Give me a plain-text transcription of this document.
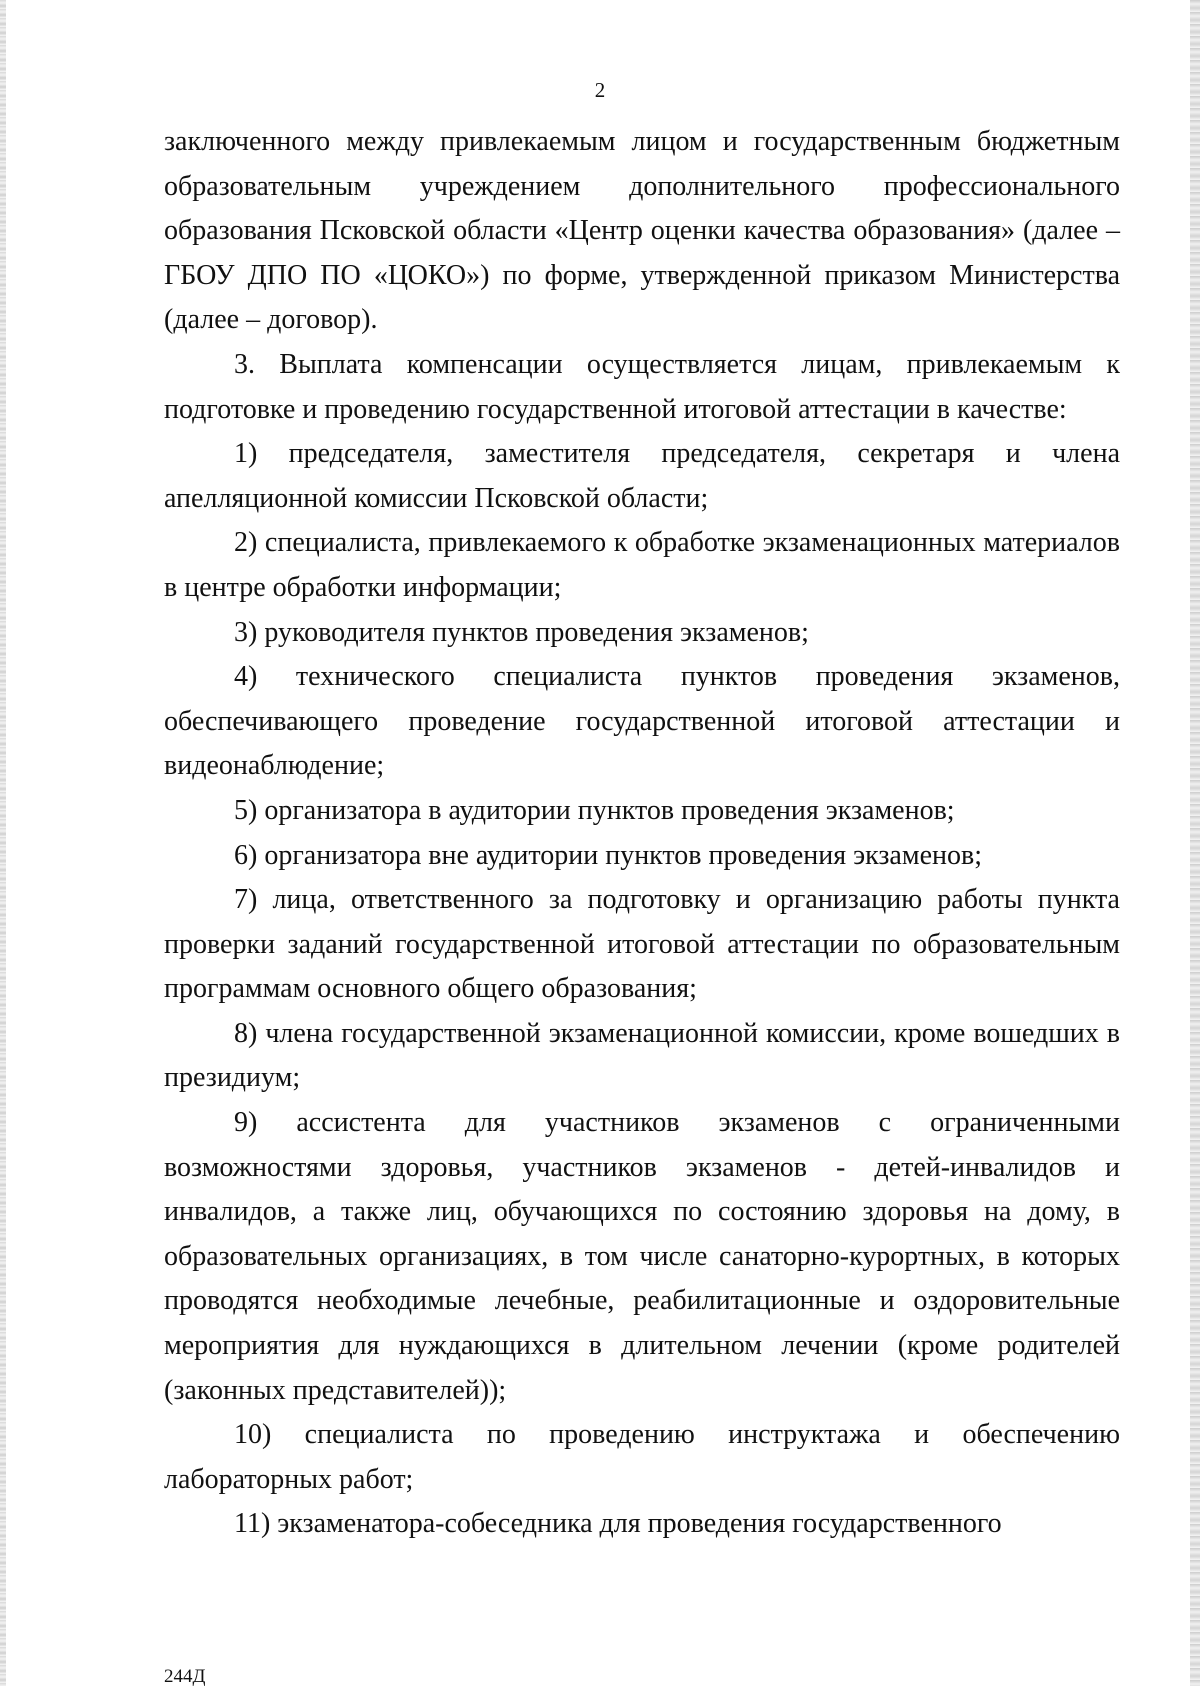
2

заключенного между привлекаемым лицом и государственным бюджетным образовательным учреждением дополнительного профессионального образования Псковской области «Центр оценки качества образования» (далее – ГБОУ ДПО ПО «ЦОКО») по форме, утвержденной приказом Министерства (далее – договор).

3. Выплата компенсации осуществляется лицам, привлекаемым к подготовке и проведению государственной итоговой аттестации в качестве:

1) председателя, заместителя председателя, секретаря и члена апелляционной комиссии Псковской области;

2) специалиста, привлекаемого к обработке экзаменационных материалов в центре обработки информации;

3) руководителя пунктов проведения экзаменов;

4) технического специалиста пунктов проведения экзаменов, обеспечивающего проведение государственной итоговой аттестации и видеонаблюдение;

5) организатора в аудитории пунктов проведения экзаменов;

6) организатора вне аудитории пунктов проведения экзаменов;

7) лица, ответственного за подготовку и организацию работы пункта проверки заданий государственной итоговой аттестации по образовательным программам основного общего образования;

8) члена государственной экзаменационной комиссии, кроме вошедших в президиум;

9) ассистента для участников экзаменов с ограниченными возможностями здоровья, участников экзаменов - детей-инвалидов и инвалидов, а также лиц, обучающихся по состоянию здоровья на дому, в образовательных организациях, в том числе санаторно-курортных, в которых проводятся необходимые лечебные, реабилитационные и оздоровительные мероприятия для нуждающихся в длительном лечении (кроме родителей (законных представителей));

10) специалиста по проведению инструктажа и обеспечению лабораторных работ;

11) экзаменатора-собеседника для проведения государственного

244Д
